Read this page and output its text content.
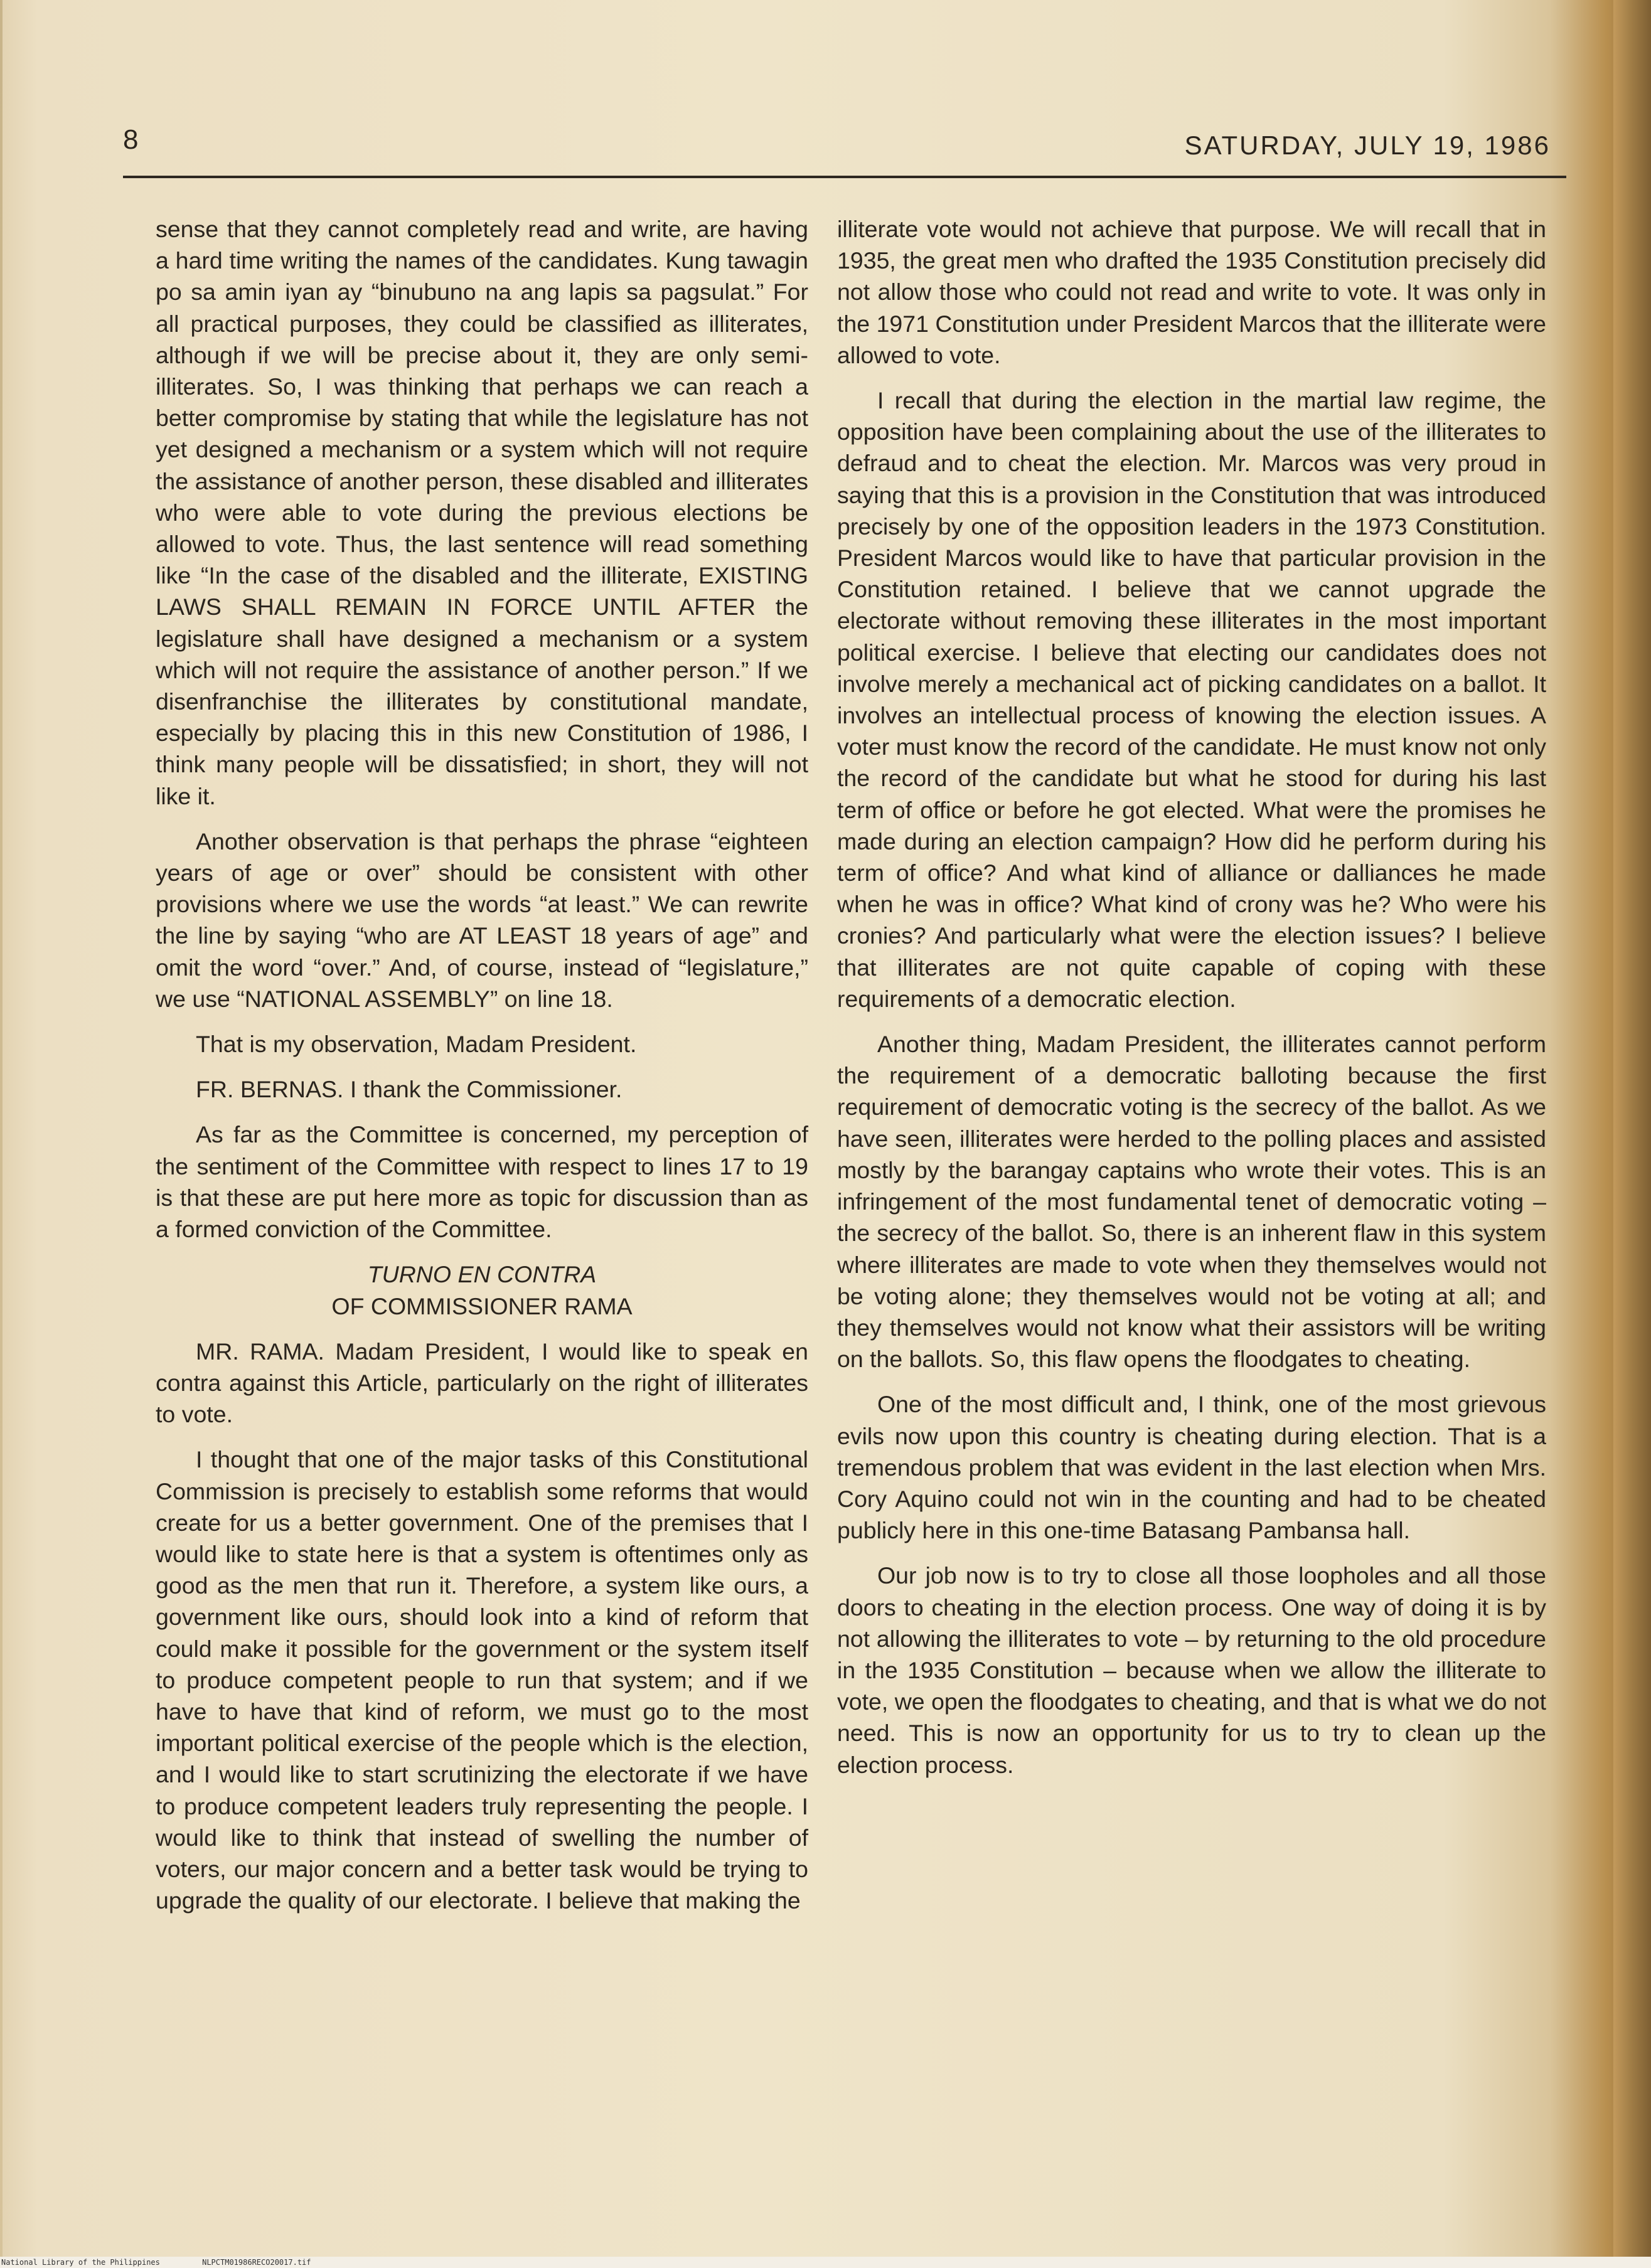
8	SATURDAY, JULY 19, 1986

sense that they cannot completely read and write, are having a hard time writing the names of the candidates. Kung tawagin po sa amin iyan ay “binubuno na ang lapis sa pagsulat.” For all practical purposes, they could be classified as illiterates, although if we will be precise about it, they are only semi-illiterates. So, I was thinking that perhaps we can reach a better compromise by stating that while the legislature has not yet designed a mechanism or a system which will not require the assistance of another person, these disabled and illiterates who were able to vote during the previous elections be allowed to vote. Thus, the last sentence will read something like “In the case of the disabled and the illiterate, EXISTING LAWS SHALL REMAIN IN FORCE UNTIL AFTER the legislature shall have designed a mechanism or a system which will not require the assistance of another person.” If we disenfranchise the illiterates by constitutional mandate, especially by placing this in this new Constitution of 1986, I think many people will be dissatisfied; in short, they will not like it.

Another observation is that perhaps the phrase “eighteen years of age or over” should be consistent with other provisions where we use the words “at least.” We can rewrite the line by saying “who are AT LEAST 18 years of age” and omit the word “over.” And, of course, instead of “legislature,” we use “NATIONAL ASSEMBLY” on line 18.

That is my observation, Madam President.

FR. BERNAS. I thank the Commissioner.

As far as the Committee is concerned, my perception of the sentiment of the Committee with respect to lines 17 to 19 is that these are put here more as topic for discussion than as a formed conviction of the Committee.

TURNO EN CONTRA
OF COMMISSIONER RAMA

MR. RAMA. Madam President, I would like to speak en contra against this Article, particularly on the right of illiterates to vote.

I thought that one of the major tasks of this Constitutional Commission is precisely to establish some reforms that would create for us a better government. One of the premises that I would like to state here is that a system is oftentimes only as good as the men that run it. Therefore, a system like ours, a government like ours, should look into a kind of reform that could make it possible for the government or the system itself to produce competent people to run that system; and if we have to have that kind of reform, we must go to the most important political exercise of the people which is the election, and I would like to start scrutinizing the electorate if we have to produce competent leaders truly representing the people. I would like to think that instead of swelling the number of voters, our major concern and a better task would be trying to upgrade the quality of our electorate. I believe that making the

illiterate vote would not achieve that purpose. We will recall that in 1935, the great men who drafted the 1935 Constitution precisely did not allow those who could not read and write to vote. It was only in the 1971 Constitution under President Marcos that the illiterate were allowed to vote.

I recall that during the election in the martial law regime, the opposition have been complaining about the use of the illiterates to defraud and to cheat the election. Mr. Marcos was very proud in saying that this is a provision in the Constitution that was introduced precisely by one of the opposition leaders in the 1973 Constitution. President Marcos would like to have that particular provision in the Constitution retained. I believe that we cannot upgrade the electorate without removing these illiterates in the most important political exercise. I believe that electing our candidates does not involve merely a mechanical act of picking candidates on a ballot. It involves an intellectual process of knowing the election issues. A voter must know the record of the candidate. He must know not only the record of the candidate but what he stood for during his last term of office or before he got elected. What were the promises he made during an election campaign? How did he perform during his term of office? And what kind of alliance or dalliances he made when he was in office? What kind of crony was he? Who were his cronies? And particularly what were the election issues? I believe that illiterates are not quite capable of coping with these requirements of a democratic election.

Another thing, Madam President, the illiterates cannot perform the requirement of a democratic balloting because the first requirement of democratic voting is the secrecy of the ballot. As we have seen, illiterates were herded to the polling places and assisted mostly by the barangay captains who wrote their votes. This is an infringement of the most fundamental tenet of democratic voting – the secrecy of the ballot. So, there is an inherent flaw in this system where illiterates are made to vote when they themselves would not be voting alone; they themselves would not be voting at all; and they themselves would not know what their assistors will be writing on the ballots. So, this flaw opens the floodgates to cheating.

One of the most difficult and, I think, one of the most grievous evils now upon this country is cheating during election. That is a tremendous problem that was evident in the last election when Mrs. Cory Aquino could not win in the counting and had to be cheated publicly here in this one-time Batasang Pambansa hall.

Our job now is to try to close all those loopholes and all those doors to cheating in the election process. One way of doing it is by not allowing the illiterates to vote – by returning to the old procedure in the 1935 Constitution – because when we allow the illiterate to vote, we open the floodgates to cheating, and that is what we do not need. This is now an opportunity for us to try to clean up the election process.

National Library of the Philippines	NLPCTM01986RECO20017.tif
